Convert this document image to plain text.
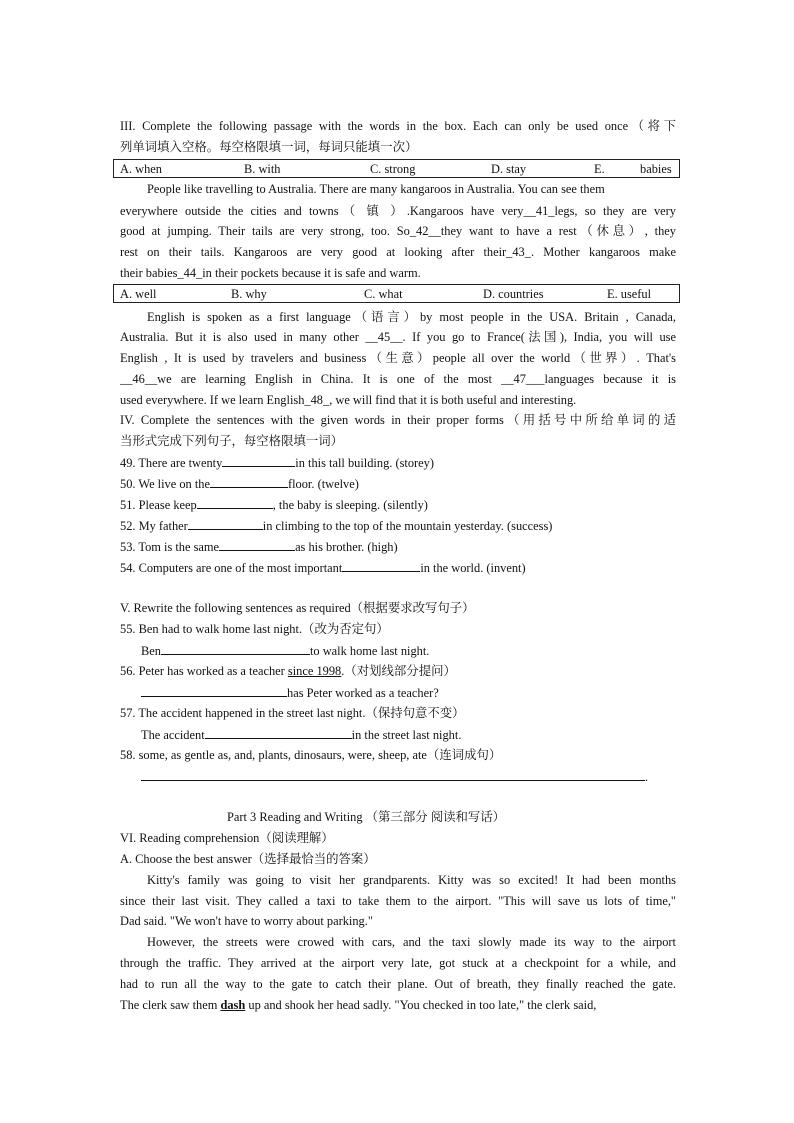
III. Complete the following passage with the words in the box. Each can only be used once（将下
列单词填入空格。每空格限填一词，每词只能填一次）
A. when	B. with	C. strong	D. stay	E.	babies
People like travelling to Australia. There are many kangaroos in Australia. You can see them
everywhere outside the cities and towns（ 镇 ）.Kangaroos have very__41_legs, so they are very
good at jumping. Their tails are very strong, too. So_42__they want to have a rest（休息）, they
rest on their tails. Kangaroos are very good at looking after their_43_. Mother kangaroos make
their babies_44_in their pockets because it is safe and warm.
A. well	B. why	C. what	D. countries	E. useful
English is spoken as a first language（语言）by most people in the USA. Britain , Canada,
Australia. But it is also used in many other __45__. If you go to France(法国), India, you will use
English , It is used by travelers and business（生意）people all over the world（世界）. That's
__46__we are learning English in China. It is one of the most __47___languages because it is
used everywhere. If we learn English_48_, we will find that it is both useful and interesting.
IV. Complete the sentences with the given words in their proper forms（用括号中所给单词的适
当形式完成下列句子，每空格限填一词）
49. There are twenty	in this tall building. (storey)
50. We live on the	floor. (twelve)
51. Please keep	, the baby is sleeping. (silently)
52. My father	in climbing to the top of the mountain yesterday. (success)
53. Tom is the same	as his brother. (high)
54. Computers are one of the most important	in the world. (invent)
V. Rewrite the following sentences as required（根据要求改写句子）
55. Ben had to walk home last night.（改为否定句）
Ben	to walk home last night.
56. Peter has worked as a teacher since 1998.（对划线部分提问）
has Peter worked as a teacher?
57. The accident happened in the street last night.（保持句意不变）
The accident	in the street last night.
58. some, as gentle as, and, plants, dinosaurs, were, sheep, ate（连词成句）
.
Part 3 Reading and Writing （第三部分 阅读和写话）
VI. Reading comprehension（阅读理解）
A. Choose the best answer（选择最恰当的答案）
Kitty's family was going to visit her grandparents. Kitty was so excited! It had been months
since their last visit. They called a taxi to take them to the airport. "This will save us lots of time,"
Dad said. "We won't have to worry about parking."
However, the streets were crowed with cars, and the taxi slowly made its way to the airport
through the traffic. They arrived at the airport very late, got stuck at a checkpoint for a while, and
had to run all the way to the gate to catch their plane. Out of breath, they finally reached the gate.
The clerk saw them dash up and shook her head sadly. "You checked in too late," the clerk said,
